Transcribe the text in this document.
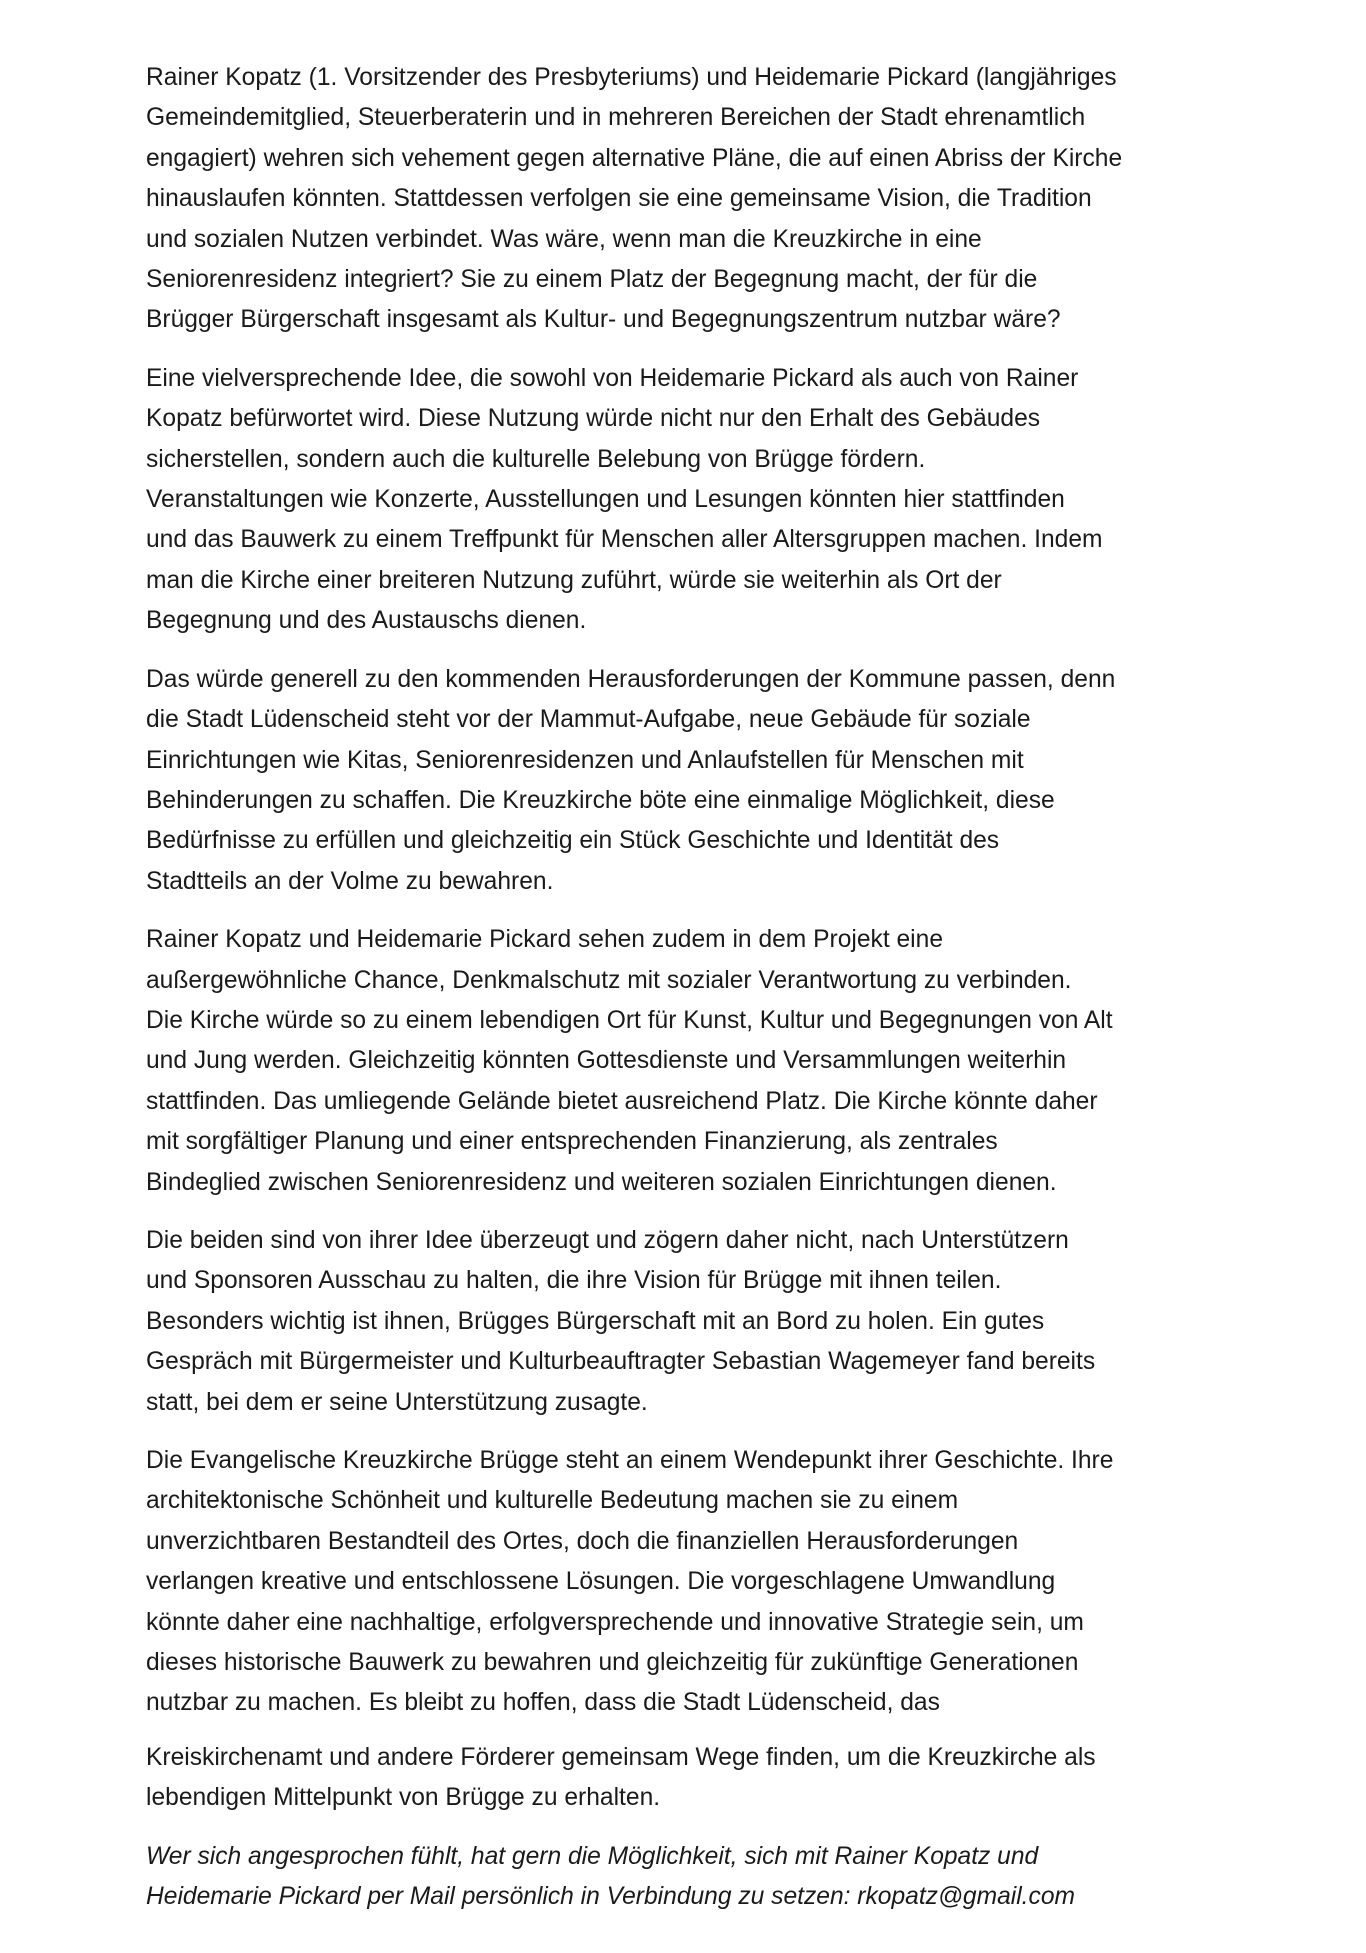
Rainer Kopatz (1. Vorsitzender des Presbyteriums) und Heidemarie Pickard (langjähriges
Gemeindemitglied, Steuerberaterin und in mehreren Bereichen der Stadt ehrenamtlich
engagiert) wehren sich vehement gegen alternative Pläne, die auf einen Abriss der Kirche
hinauslaufen könnten. Stattdessen verfolgen sie eine gemeinsame Vision, die Tradition
und sozialen Nutzen verbindet. Was wäre, wenn man die Kreuzkirche in eine
Seniorenresidenz integriert? Sie zu einem Platz der Begegnung macht, der für die
Brügger Bürgerschaft insgesamt als Kultur- und Begegnungszentrum nutzbar wäre?

Eine vielversprechende Idee, die sowohl von Heidemarie Pickard als auch von Rainer
Kopatz befürwortet wird. Diese Nutzung würde nicht nur den Erhalt des Gebäudes
sicherstellen, sondern auch die kulturelle Belebung von Brügge fördern.
Veranstaltungen wie Konzerte, Ausstellungen und Lesungen könnten hier stattfinden
und das Bauwerk zu einem Treffpunkt für Menschen aller Altersgruppen machen. Indem
man die Kirche einer breiteren Nutzung zuführt, würde sie weiterhin als Ort der
Begegnung und des Austauschs dienen.

Das würde generell zu den kommenden Herausforderungen der Kommune passen, denn
die Stadt Lüdenscheid steht vor der Mammut-Aufgabe, neue Gebäude für soziale
Einrichtungen wie Kitas, Seniorenresidenzen und Anlaufstellen für Menschen mit
Behinderungen zu schaffen. Die Kreuzkirche böte eine einmalige Möglichkeit, diese
Bedürfnisse zu erfüllen und gleichzeitig ein Stück Geschichte und Identität des
Stadtteils an der Volme zu bewahren.

Rainer Kopatz und Heidemarie Pickard sehen zudem in dem Projekt eine
außergewöhnliche Chance, Denkmalschutz mit sozialer Verantwortung zu verbinden.
Die Kirche würde so zu einem lebendigen Ort für Kunst, Kultur und Begegnungen von Alt
und Jung werden. Gleichzeitig könnten Gottesdienste und Versammlungen weiterhin
stattfinden. Das umliegende Gelände bietet ausreichend Platz. Die Kirche könnte daher
mit sorgfältiger Planung und einer entsprechenden Finanzierung, als zentrales
Bindeglied zwischen Seniorenresidenz und weiteren sozialen Einrichtungen dienen.

Die beiden sind von ihrer Idee überzeugt und zögern daher nicht, nach Unterstützern
und Sponsoren Ausschau zu halten, die ihre Vision für Brügge mit ihnen teilen.
Besonders wichtig ist ihnen, Brügges Bürgerschaft mit an Bord zu holen. Ein gutes
Gespräch mit Bürgermeister und Kulturbeauftragter Sebastian Wagemeyer fand bereits
statt, bei dem er seine Unterstützung zusagte.

Die Evangelische Kreuzkirche Brügge steht an einem Wendepunkt ihrer Geschichte. Ihre
architektonische Schönheit und kulturelle Bedeutung machen sie zu einem
unverzichtbaren Bestandteil des Ortes, doch die finanziellen Herausforderungen
verlangen kreative und entschlossene Lösungen. Die vorgeschlagene Umwandlung
könnte daher eine nachhaltige, erfolgversprechende und innovative Strategie sein, um
dieses historische Bauwerk zu bewahren und gleichzeitig für zukünftige Generationen
nutzbar zu machen. Es bleibt zu hoffen, dass die Stadt Lüdenscheid, das

Kreiskirchenamt und andere Förderer gemeinsam Wege finden, um die Kreuzkirche als
lebendigen Mittelpunkt von Brügge zu erhalten.

Wer sich angesprochen fühlt, hat gern die Möglichkeit, sich mit Rainer Kopatz und
Heidemarie Pickard per Mail persönlich in Verbindung zu setzen: rkopatz@gmail.com
